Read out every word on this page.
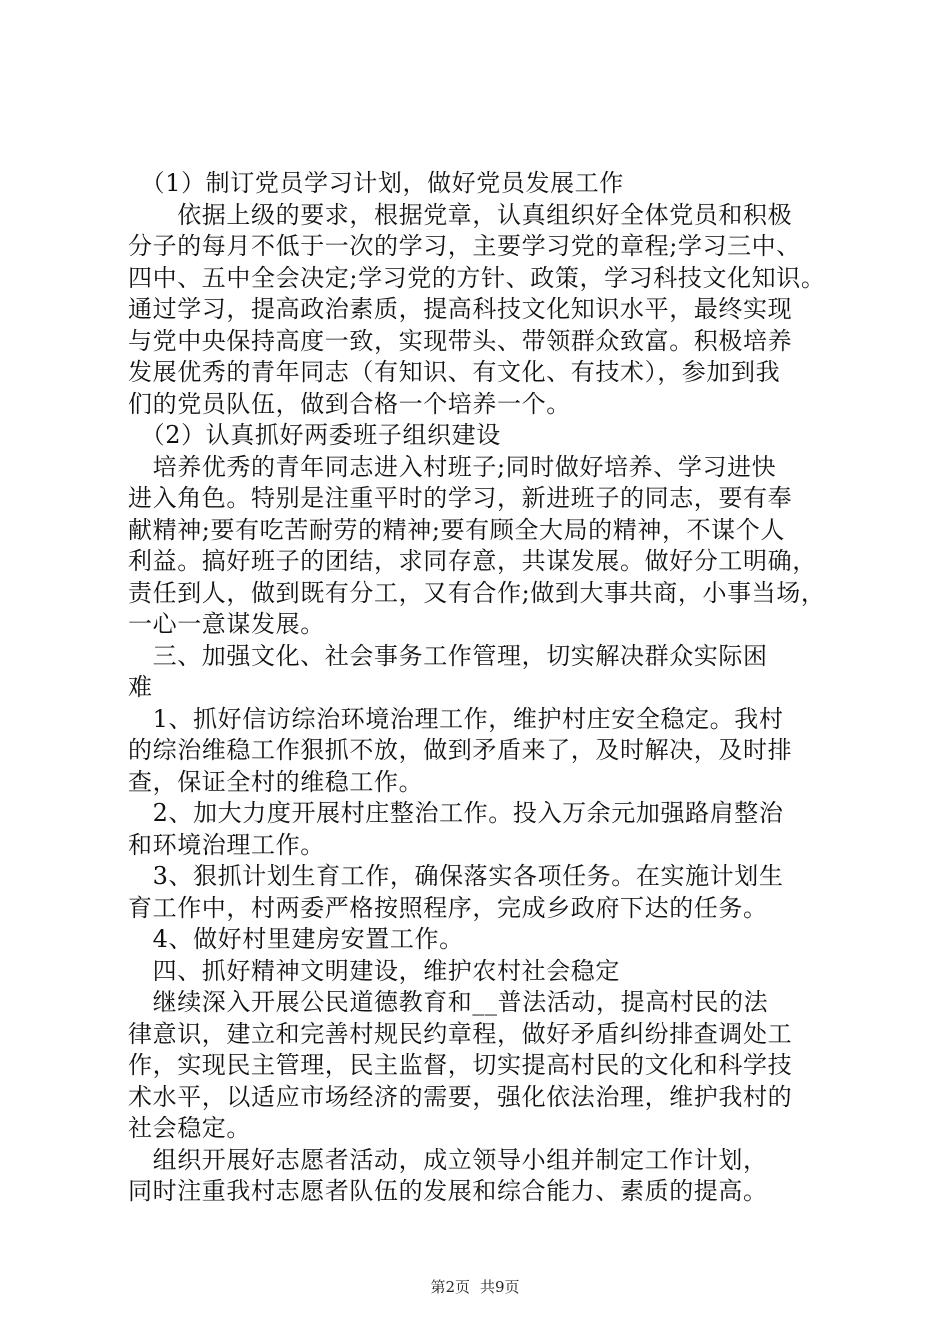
　（1）制订党员学习计划，做好党员发展工作
　　依据上级的要求，根据党章，认真组织好全体党员和积极
分子的每月不低于一次的学习，主要学习党的章程;学习三中、
四中、五中全会决定;学习党的方针、政策，学习科技文化知识。
通过学习，提高政治素质，提高科技文化知识水平，最终实现
与党中央保持高度一致，实现带头、带领群众致富。积极培养
发展优秀的青年同志（有知识、有文化、有技术），参加到我
们的党员队伍，做到合格一个培养一个。
　（2）认真抓好两委班子组织建设
　培养优秀的青年同志进入村班子;同时做好培养、学习进快
进入角色。特别是注重平时的学习，新进班子的同志，要有奉
献精神;要有吃苦耐劳的精神;要有顾全大局的精神，不谋个人
利益。搞好班子的团结，求同存意，共谋发展。做好分工明确，
责任到人，做到既有分工，又有合作;做到大事共商，小事当场，
一心一意谋发展。
　三、加强文化、社会事务工作管理，切实解决群众实际困
难
　1、抓好信访综治环境治理工作，维护村庄安全稳定。我村
的综治维稳工作狠抓不放，做到矛盾来了，及时解决，及时排
查，保证全村的维稳工作。
　2、加大力度开展村庄整治工作。投入万余元加强路肩整治
和环境治理工作。
　3、狠抓计划生育工作，确保落实各项任务。在实施计划生
育工作中，村两委严格按照程序，完成乡政府下达的任务。
　4、做好村里建房安置工作。
　四、抓好精神文明建设，维护农村社会稳定
　继续深入开展公民道德教育和__普法活动，提高村民的法
律意识，建立和完善村规民约章程，做好矛盾纠纷排查调处工
作，实现民主管理，民主监督，切实提高村民的文化和科学技
术水平，以适应市场经济的需要，强化依法治理，维护我村的
社会稳定。
　组织开展好志愿者活动，成立领导小组并制定工作计划，
同时注重我村志愿者队伍的发展和综合能力、素质的提高。
第2页 共9页
